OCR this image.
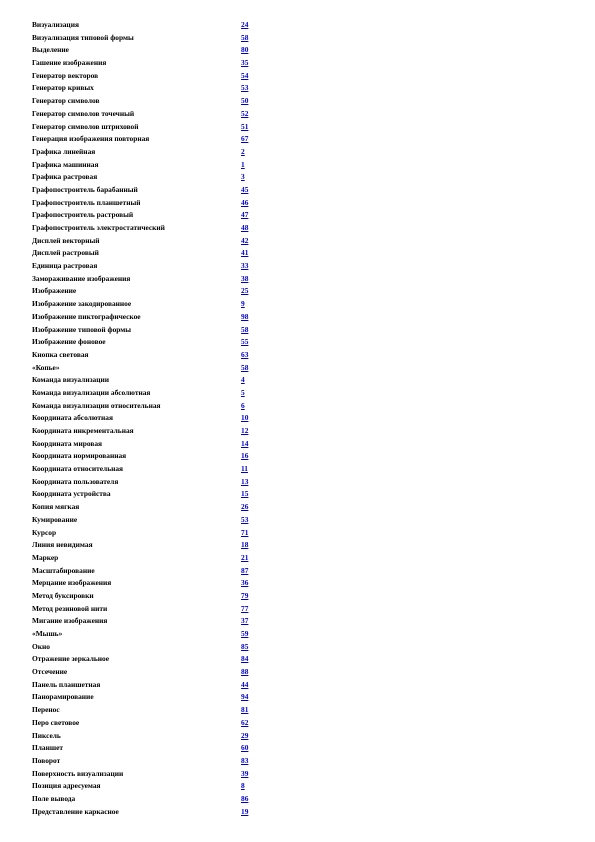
Визуализация	24
Визуализация типовой формы	58
Выделение	80
Гашение изображения	35
Генератор векторов	54
Генератор кривых	53
Генератор символов	50
Генератор символов точечный	52
Генератор символов штриховой	51
Генерация изображения повторная	67
Графика линейная	2
Графика машинная	1
Графика растровая	3
Графопостроитель барабанный	45
Графопостроитель планшетный	46
Графопостроитель растровый	47
Графопостроитель электростатический	48
Дисплей векторный	42
Дисплей растровый	41
Единица растровая	33
Замораживание изображения	38
Изображение	25
Изображение закодированное	9
Изображение пиктографическое	98
Изображение типовой формы	58
Изображение фоновое	55
Кнопка световая	63
«Копье»	58
Команда визуализации	4
Команда визуализации абсолютная	5
Команда визуализации относительная	6
Координата абсолютная	10
Координата инкрементальная	12
Координата мировая	14
Координата нормированная	16
Координата относительная	11
Координата пользователя	13
Координата устройства	15
Копия мягкая	26
Кумирование	53
Курсор	71
Линия невидимая	18
Маркер	21
Масштабирование	87
Мерцание изображения	36
Метод буксировки	79
Метод резиновой нити	77
Мигание изображения	37
«Мышь»	59
Окно	85
Отражение зеркальное	84
Отсечение	88
Панель планшетная	44
Панорамирование	94
Перенос	81
Перо световое	62
Пиксель	29
Планшет	60
Поворот	83
Поверхность визуализации	39
Позиция адресуемая	8
Поле вывода	86
Представление каркасное	19
